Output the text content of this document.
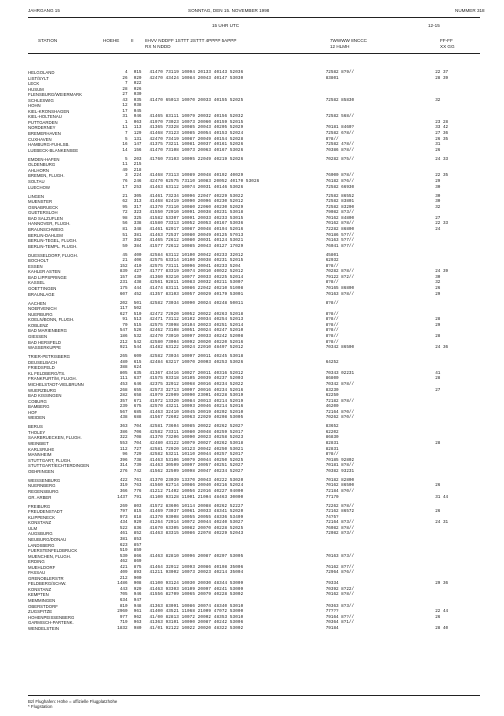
JAHRGANG 15	SONNTAG, DEN 15. NOVEMBER 1998	NUMMER 318
15 UHR UTC	12-15
STATION	HOEHE	II IIHVV NDDFF 1STTT 2STTT 4PPPP 5APPP
RX N NDDD
7WWWW 8NCCC
12 HLMH
FF-FF
XX GG
HELGOLAND	4	015	41470 73119 10094 20133 40143 52036	72582 8?9//	22 37
LIST/SYLT	26	020	42470 43424 10084 20043 40147 53030	83801	28 39
LECK	7	022
HUSUM	28	026
FLENSBURG/WEIERMARK	27	030
SCHLESWIG	43	035	41470 65013 10070 20033 40155 52025	72582 85830	32
HOHN	12	038
KIEL-KRONSHAGEN	17	045
KIEL-HOLTENAU	31	046	41465 83111 10079 20032 40156 52032	72582 568//
PUTTGARDEN	1	063	41970 73023 10073 20060 40159 52015	23 28
NORDERNEY	11	113	41365 73328 10085 20043 40205 52029	70181 8460?	33 42
BREMERHAVEN	7	129	41468 73123 10085 20054 40153 52024	72582 6?8//	27 36
CUXHAVEN	5	131	42470 73419 10087 20049 40154 52028	8?8//	26 35
HAMBURG-FUHLSB.	16	147	41375 73211 10081 20037 40161 52026	72582 4?8//	31
LUEBECK-BLANKENSEE	14	156	41470 73108 10073 20063 40167 53026	70386 8?8//	26
EMDEN-HAFEN	5	203	41760 73103 10095 22049 40219 52026	70282 8?5//	24 33
OLDENBURG	11	215
AHLHORN	49	218
BREMEN, FLUGH.	3	224	41468 73113 10089 20048 40192 40029	76000 8?8//	22 35
SOLTAU	76	246	42470 62575 73110 10083 20052 40170 53026	76182 8?6//	29
LUECHOW	17	253	41463 63112 10074 20031 40146 53026	72582 66930	30
LINGEN	21	305	41461 73234 10096 22047 40229 53022	72582 86552	30
MUENSTER	62	313	41468 62419 10090 20096 40230 52012	72582 83801	30
OSNABRUECK	95	317	41370 73110 10080 22060 40230 52029	72582 83200	32
GUETERSLOH	72	323	41550 72910 10091 20038 40231 53018	79082 8?3//
BAD SALZUFLEN	98	325	41582 53307 10091 20033 40233 53015	70162 84800	27
HANNOVER, FLUGH.	56	338	41580 73313 10052 20053 40167 53036	70162 8?8//	22 33
BRAUNSCHWEIG	81	348	41461 62917 10087 20048 40194 52016	72282 86800	24
BERLIN-DAHLEM	51	381	41463 72537 10080 20049 40125 57013	70186 5?7//
BERLIN-TEGEL, FLUGH.	37	382	41465 72612 10080 20031 40124 53021	76163 5?7//
BERLIN-TEMPL. FLUGH.	50	384	41577 72612 10085 20043 40127 17029	76041 8?7//
DUESSELDORF, FLUGH.	45	400	42584 63112 10100 20042 40233 32012	45801
BOCHOLT	21	406	42575 63314 10100 20038 40231 52015	62932
ESSEN	152	410	42575 73111 10096 20041 40233 5204	8?8//
KAHLER ASTEN	839	427	41777 83319 10074 20010 40022 52012	70282 8?8//	24 39
BAD LIPPSPRINGE	157	430	41360 93210 10077 20033 40225 52014	79122 8?2//	30
KASSEL	231	438	42561 92811 10083 20032 40211 53007	8?8//	32
GOETTINGEN	175	444	41474 83111 10086 22042 40210 51008	70165 86800	26
BRAUNLAGE	607	452	41357 83103 10057 20029 40179 53001	70163 8?8//	29
AACHEN	202	501	42582 73034 10090 20024 40248 50011	8?8//
NOERVENICH	117	502
NUERBURG	627	510	42472 72920 10052 20022 40263 52018	8?8//
KOELN/BONN, FLUGH.	91	513	42471 73112 10102 20034 40254 52013	8?8//	28
KOBLENZ	70	515	42575 73098 10104 20023 40251 52014	8?8//	29
BAD MARIENBERG	547	526	42462 73108 10051 20024 40247 52010	8?8//
GIESSEN	186	532	42470 73010 10097 20033 40242 52008	8?8//	28
BAD HERSFELD	212	542	42580 73004 10092 20020 40220 52016	8?8//
WASSERKUPPE	921	544	41482 63122 10024 22010 48497 52012	70342 86500	24 36
TRIER-PETRISBERG	265	609	42582 73034 10097 20011 40245 53018
DEUSELBACH	480	615	42484 63217 10070 20003 40253 53026	64252
FRIEDSFELD	388	624
KL FELDBERG/TS.	805	635	41367 43416 10027 20011 40316 52012	70343 02231	41
FRANKFURT/M, FLUGH.	111	637	41575 93318 10105 20039 40237 52003	86800	28
MICHELSTADT-VIELBRUNN	453	646	42375 32912 10068 20016 40234 52022	70342 8?8//
WUERZBURG	268	655	42573 32713 10097 20016 40234 52016	83230	27
BAD KISSINGEN	282	658	41979 22909 10090 23001 40228 53019	62250
COBURG	357	671	41972 13320 10084 20013 40214 52019	72182 8?8//
BAMBERG	239	675	42570 43211 10093 20046 40214 52016	46200
HOF	567	685	41463 32410 10045 20019 40202 52010	72164 8?0//
WEIDEN	438	688	41567 72602 10063 22029 40208 53005	70262 8?0//
BERUS	363	704	42581 73604 10085 20022 40262 5202?	83652
THOLEY	386	706	42582 73311 10080 20048 40259 52017	62202
SAARBRUECKEN, FLUGH.	322	708	41370 73206 10090 20023 40258 52023	86830
WEINBIET	553	704	42480 43122 10079 20027 40262 53018	82831	28
KARLSRUHE	112	727	42581 72920 10123 20042 40250 53021	82831
MANNHEIM	96	729	42582 53211 10110 20044 40257 52017	8?8//
STUTTGART, FLUGH.	396	738	41463 53106 10079 20044 40250 52025	70185 92802
STUTTGART/ECHTERDINGEN	314	739	41463 30509 10097 20057 40251 52027	70181 8?8//
OEHRINGEN	276	742	41562 32509 10098 20047 40234 52027	70382 93231
WEISSENBURG	422	761	41370 23039 13370 20043 40222 53020	70182 82800
NUERNBERG	319	763	41560 62714 10086 20040 40216 52024	70162 86500	26
REGENSBURG	366	776	41212 71402 10056 22016 40227 94000	72184 8?0//
GR. ARBER	1437	791	41100 93128 11001 21004 48463 30000	77170	31 44
FREIBURG	269	803	41572 83606 10114 20088 40262 52227	72262 8?8//
FREUDENSTADT	797	815	41469 73037 10061 20033 48341 52020	72162 86572	26
KLIPPENECK	973	818	41370 93008 10055 20055 48336 53409	74?5?
KONSTANZ	434	929	41264 72914 10072 20044 40240 53027	72164 8?3//	24 31
ULM	522	836	41670 63305 10082 20070 40228 52025	76082 8?8//
AUGSBURG	461	852	41463 83315 10086 22078 40229 52043	72082 8?3//
NEUBURG/DONAU	381	853
LANDSBERG	623	857
FUERSTENFELDBRUCK	519	859
MUENCHEN, FLUGH.	530	866	41463 82810 10096 20087 40207 53005	70163 8?3//
ERDING	462	869
MUEHLDORF	421	875	41464 32912 10093 20086 40198 35006	76162 8?7//
PASSAU	409	893	41211 93002 10073 20023 40214 35004	72964 8?6//
GRENOBLERSTR	212	900
FELDBERG/SCHW.	1486	908	41100 93124 10030 20030 48344 53009	79334	29 36
KONSTANZ	443	929	41463 93303 10109 20097 40241 53009	70392 8?22/
KEMPTEN	705	946	41556 82709 10065 20079 40228 53002	70162 8?8//
MEMMINGEN	634	947
OBERSTDORF	810	948	41363 83091 10086 20074 48340 53010	70363 8?3//
ZUGSPITZE	2960	961	41400 43521 11068 21009 47072 53000	77???	22 44
HOHENPEISSENBERG	977	962	41/00 82813 10072 20002 48353 53010	79164 8??//	26
GARMISCH-PARTENK.	719	963	41363 93101 10090 20087 40242 53006	70364 8?1//
WENDELSTEIN	1832	980	41/01 92122 10022 20020 48322 53002	79184	28 40
Bzl Flughafen: Höhe = offizielle Flugplatzhöhe
* Flugstation
